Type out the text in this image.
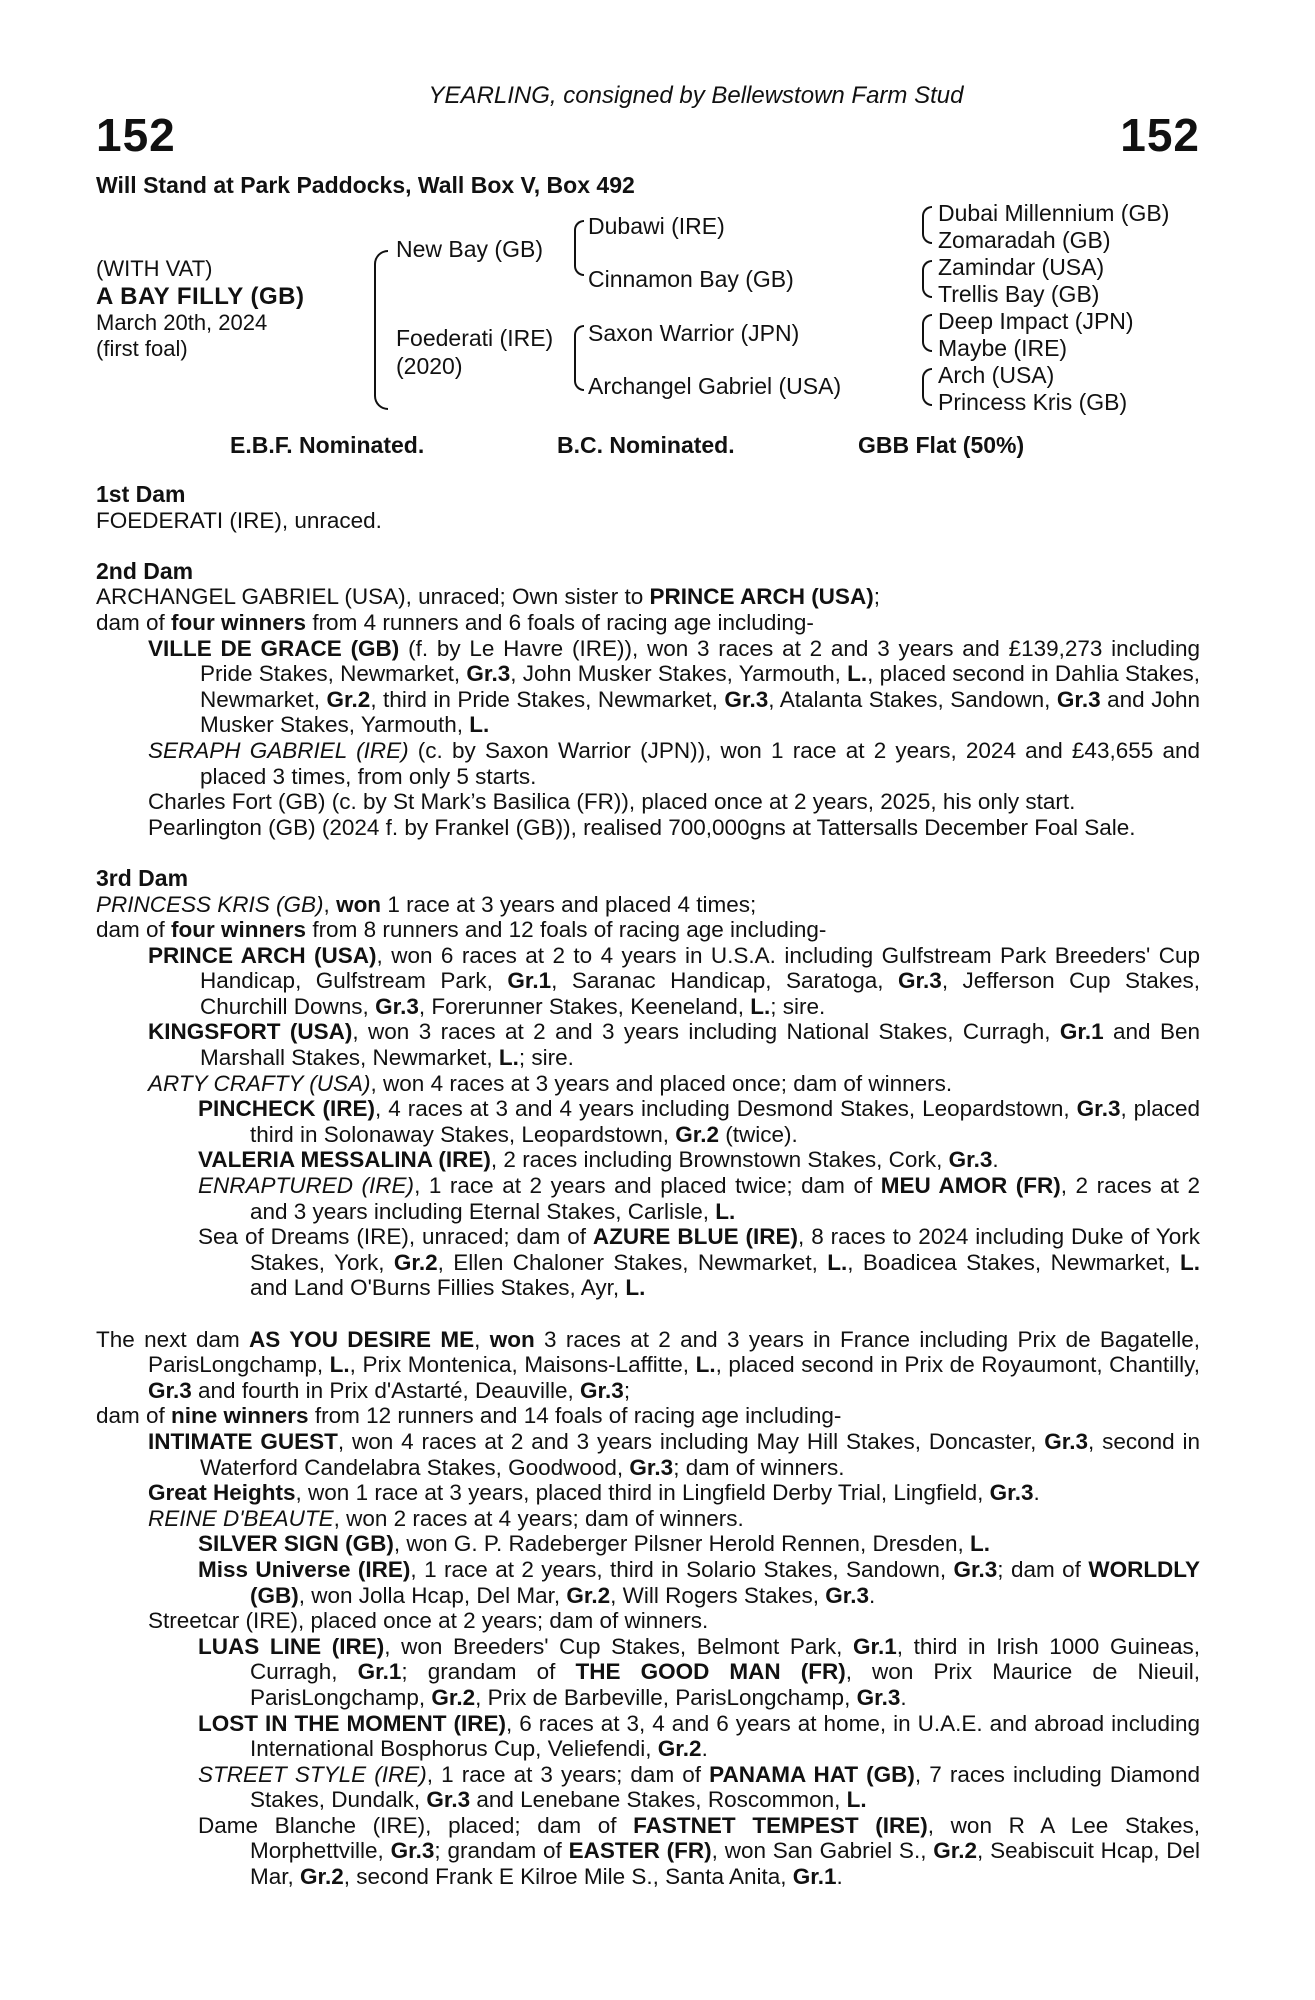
YEARLING, consigned by Bellewstown Farm Stud
152	152
Will Stand at Park Paddocks, Wall Box V, Box 492
(WITH VAT)
A BAY FILLY (GB)
March 20th, 2024
(first foal)
New Bay (GB)
Foederati (IRE)
(2020)
Dubawi (IRE)
Cinnamon Bay (GB)
Saxon Warrior (JPN)
Archangel Gabriel (USA)
Dubai Millennium (GB)
Zomaradah (GB)
Zamindar (USA)
Trellis Bay (GB)
Deep Impact (JPN)
Maybe (IRE)
Arch (USA)
Princess Kris (GB)
E.B.F. Nominated.	B.C. Nominated.	GBB Flat (50%)

1st Dam

FOEDERATI (IRE), unraced.

2nd Dam

ARCHANGEL GABRIEL (USA), unraced; Own sister to PRINCE ARCH (USA);

dam of four winners from 4 runners and 6 foals of racing age including-

VILLE DE GRACE (GB) (f. by Le Havre (IRE)), won 3 races at 2 and 3 years and £139,273 including Pride Stakes, Newmarket, Gr.3, John Musker Stakes, Yarmouth, L., placed second in Dahlia Stakes, Newmarket, Gr.2, third in Pride Stakes, Newmarket, Gr.3, Atalanta Stakes, Sandown, Gr.3 and John Musker Stakes, Yarmouth, L.

SERAPH GABRIEL (IRE) (c. by Saxon Warrior (JPN)), won 1 race at 2 years, 2024 and £43,655 and placed 3 times, from only 5 starts.

Charles Fort (GB) (c. by St Mark’s Basilica (FR)), placed once at 2 years, 2025, his only start.

Pearlington (GB) (2024 f. by Frankel (GB)), realised 700,000gns at Tattersalls December Foal Sale.

3rd Dam

PRINCESS KRIS (GB), won 1 race at 3 years and placed 4 times;

dam of four winners from 8 runners and 12 foals of racing age including-

PRINCE ARCH (USA), won 6 races at 2 to 4 years in U.S.A. including Gulfstream Park Breeders' Cup Handicap, Gulfstream Park, Gr.1, Saranac Handicap, Saratoga, Gr.3, Jefferson Cup Stakes, Churchill Downs, Gr.3, Forerunner Stakes, Keeneland, L.; sire.

KINGSFORT (USA), won 3 races at 2 and 3 years including National Stakes, Curragh, Gr.1 and Ben Marshall Stakes, Newmarket, L.; sire.

ARTY CRAFTY (USA), won 4 races at 3 years and placed once; dam of winners.

PINCHECK (IRE), 4 races at 3 and 4 years including Desmond Stakes, Leopardstown, Gr.3, placed third in Solonaway Stakes, Leopardstown, Gr.2 (twice).

VALERIA MESSALINA (IRE), 2 races including Brownstown Stakes, Cork, Gr.3.

ENRAPTURED (IRE), 1 race at 2 years and placed twice; dam of MEU AMOR (FR), 2 races at 2 and 3 years including Eternal Stakes, Carlisle, L.

Sea of Dreams (IRE), unraced; dam of AZURE BLUE (IRE), 8 races to 2024 including Duke of York Stakes, York, Gr.2, Ellen Chaloner Stakes, Newmarket, L., Boadicea Stakes, Newmarket, L. and Land O'Burns Fillies Stakes, Ayr, L.

The next dam AS YOU DESIRE ME, won 3 races at 2 and 3 years in France including Prix de Bagatelle, ParisLongchamp, L., Prix Montenica, Maisons-Laffitte, L., placed second in Prix de Royaumont, Chantilly, Gr.3 and fourth in Prix d'Astarté, Deauville, Gr.3;

dam of nine winners from 12 runners and 14 foals of racing age including-

INTIMATE GUEST, won 4 races at 2 and 3 years including May Hill Stakes, Doncaster, Gr.3, second in Waterford Candelabra Stakes, Goodwood, Gr.3; dam of winners.

Great Heights, won 1 race at 3 years, placed third in Lingfield Derby Trial, Lingfield, Gr.3.

REINE D'BEAUTE, won 2 races at 4 years; dam of winners.

SILVER SIGN (GB), won G. P. Radeberger Pilsner Herold Rennen, Dresden, L.

Miss Universe (IRE), 1 race at 2 years, third in Solario Stakes, Sandown, Gr.3; dam of WORLDLY (GB), won Jolla Hcap, Del Mar, Gr.2, Will Rogers Stakes, Gr.3.

Streetcar (IRE), placed once at 2 years; dam of winners.

LUAS LINE (IRE), won Breeders' Cup Stakes, Belmont Park, Gr.1, third in Irish 1000 Guineas, Curragh, Gr.1; grandam of THE GOOD MAN (FR), won Prix Maurice de Nieuil, ParisLongchamp, Gr.2, Prix de Barbeville, ParisLongchamp, Gr.3.

LOST IN THE MOMENT (IRE), 6 races at 3, 4 and 6 years at home, in U.A.E. and abroad including International Bosphorus Cup, Veliefendi, Gr.2.

STREET STYLE (IRE), 1 race at 3 years; dam of PANAMA HAT (GB), 7 races including Diamond Stakes, Dundalk, Gr.3 and Lenebane Stakes, Roscommon, L.

Dame Blanche (IRE), placed; dam of FASTNET TEMPEST (IRE), won R A Lee Stakes, Morphettville, Gr.3; grandam of EASTER (FR), won San Gabriel S., Gr.2, Seabiscuit Hcap, Del Mar, Gr.2, second Frank E Kilroe Mile S., Santa Anita, Gr.1.
